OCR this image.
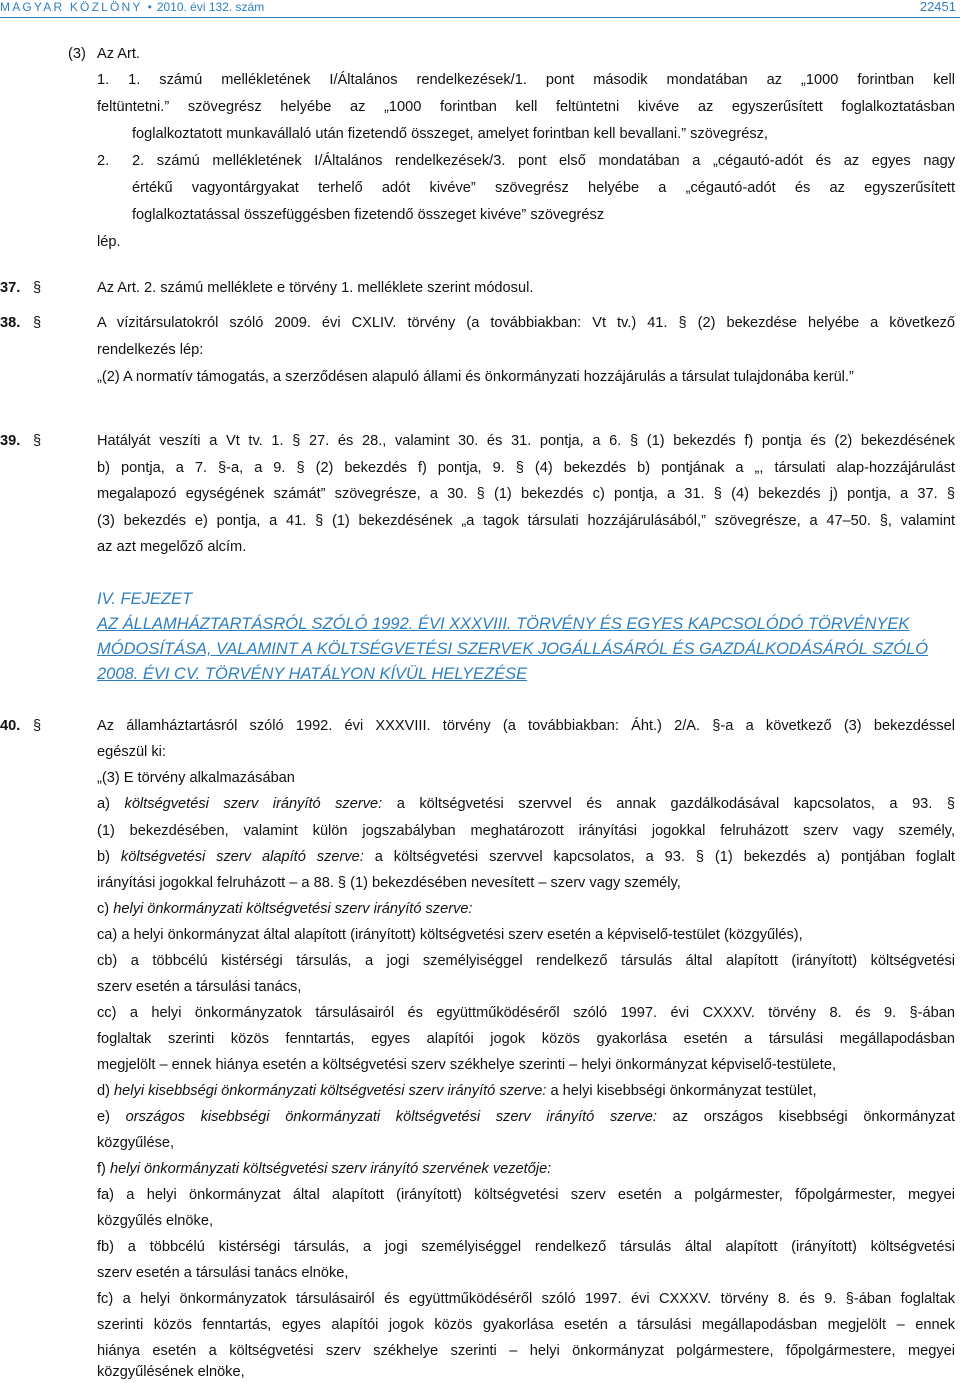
MAGYAR KÖZLÖNY • 2010. évi 132. szám	22451
(3) Az Art.
1. 1. számú mellékletének I/Általános rendelkezések/1. pont második mondatában az „1000 forintban kell
feltüntetni.” szövegrész helyébe az „1000 forintban kell feltüntetni kivéve az egyszerűsített foglalkoztatásban
foglalkoztatott munkavállaló után fizetendő összeget, amelyet forintban kell bevallani.” szövegrész,
2. 2. számú mellékletének I/Általános rendelkezések/3. pont első mondatában a „cégautó-adót és az egyes nagy
értékű vagyontárgyakat terhelő adót kivéve” szövegrész helyébe a „cégautó-adót és az egyszerűsített
foglalkoztatással összefüggésben fizetendő összeget kivéve” szövegrész
lép.
37. §	Az Art. 2. számú melléklete e törvény 1. melléklete szerint módosul.
38. §	A vízitársulatokról szóló 2009. évi CXLIV. törvény (a továbbiakban: Vt tv.) 41. § (2) bekezdése helyébe a következő
rendelkezés lép:
„(2) A normatív támogatás, a szerződésen alapuló állami és önkormányzati hozzájárulás a társulat tulajdonába kerül.”
39. §	Hatályát veszíti a Vt tv. 1. § 27. és 28., valamint 30. és 31. pontja, a 6. § (1) bekezdés f) pontja és (2) bekezdésének
b) pontja, a 7. §-a, a 9. § (2) bekezdés f) pontja, 9. § (4) bekezdés b) pontjának a „, társulati alap-hozzájárulást
megalapozó egységének számát” szövegrésze, a 30. § (1) bekezdés c) pontja, a 31. § (4) bekezdés j) pontja, a 37. §
(3) bekezdés e) pontja, a 41. § (1) bekezdésének „a tagok társulati hozzájárulásából,” szövegrésze, a 47–50. §, valamint
az azt megelőző alcím.
IV. FEJEZET
AZ ÁLLAMHÁZTARTÁSRÓL SZÓLÓ 1992. ÉVI XXXVIII. TÖRVÉNY ÉS EGYES KAPCSOLÓDÓ TÖRVÉNYEK
MÓDOSÍTÁSA, VALAMINT A KÖLTSÉGVETÉSI SZERVEK JOGÁLLÁSÁRÓL ÉS GAZDÁLKODÁSÁRÓL SZÓLÓ
2008. ÉVI CV. TÖRVÉNY HATÁLYON KÍVÜL HELYEZÉSE
40. §	Az államháztartásról szóló 1992. évi XXXVIII. törvény (a továbbiakban: Áht.) 2/A. §-a a következő (3) bekezdéssel
egészül ki:
„(3) E törvény alkalmazásában
a) költségvetési szerv irányító szerve: a költségvetési szervvel és annak gazdálkodásával kapcsolatos, a 93. §
(1) bekezdésében, valamint külön jogszabályban meghatározott irányítási jogokkal felruházott szerv vagy személy,
b) költségvetési szerv alapító szerve: a költségvetési szervvel kapcsolatos, a 93. § (1) bekezdés a) pontjában foglalt
irányítási jogokkal felruházott – a 88. § (1) bekezdésében nevesített – szerv vagy személy,
c) helyi önkormányzati költségvetési szerv irányító szerve:
ca) a helyi önkormányzat által alapított (irányított) költségvetési szerv esetén a képviselő-testület (közgyűlés),
cb) a többcélú kistérségi társulás, a jogi személyiséggel rendelkező társulás által alapított (irányított) költségvetési
szerv esetén a társulási tanács,
cc) a helyi önkormányzatok társulásairól és együttműködéséről szóló 1997. évi CXXXV. törvény 8. és 9. §-ában
foglaltak szerinti közös fenntartás, egyes alapítói jogok közös gyakorlása esetén a társulási megállapodásban
megjelölt – ennek hiánya esetén a költségvetési szerv székhelye szerinti – helyi önkormányzat képviselő-testülete,
d) helyi kisebbségi önkormányzati költségvetési szerv irányító szerve: a helyi kisebbségi önkormányzat testület,
e) országos kisebbségi önkormányzati költségvetési szerv irányító szerve: az országos kisebbségi önkormányzat
közgyűlése,
f) helyi önkormányzati költségvetési szerv irányító szervének vezetője:
fa) a helyi önkormányzat által alapított (irányított) költségvetési szerv esetén a polgármester, főpolgármester, megyei
közgyűlés elnöke,
fb) a többcélú kistérségi társulás, a jogi személyiséggel rendelkező társulás által alapított (irányított) költségvetési
szerv esetén a társulási tanács elnöke,
fc) a helyi önkormányzatok társulásairól és együttműködéséről szóló 1997. évi CXXXV. törvény 8. és 9. §-ában foglaltak
szerinti közös fenntartás, egyes alapítói jogok közös gyakorlása esetén a társulási megállapodásban megjelölt – ennek
hiánya esetén a költségvetési szerv székhelye szerinti – helyi önkormányzat polgármestere, főpolgármestere, megyei
közgyűlésének elnöke,
